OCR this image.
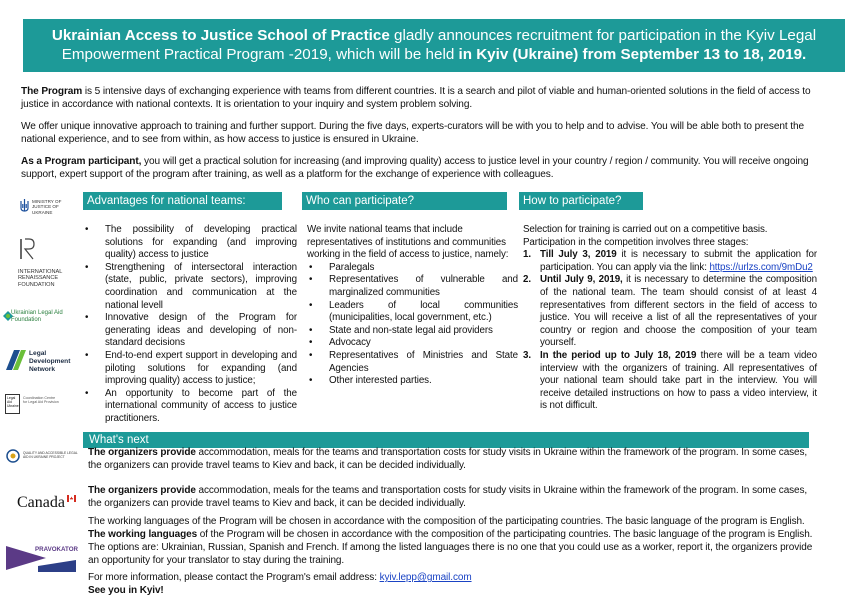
Ukrainian Access to Justice School of Practice gladly announces recruitment for participation in the Kyiv Legal Empowerment Practical Program -2019, which will be held in Kyiv (Ukraine) from September 13 to 18, 2019.

The Program is 5 intensive days of exchanging experience with teams from different countries. It is a search and pilot of viable and human-oriented solutions in the field of access to justice in accordance with national contexts. It is orientation to your inquiry and system problem solving.

We offer unique innovative approach to training and further support. During the five days, experts-curators will be with you to help and to advise. You will be able both to present the national experience, and to see from within, as how access to justice is ensured in Ukraine.

As a Program participant, you will get a practical solution for increasing (and improving quality) access to justice level in your country / region / community. You will receive ongoing support, expert support of the program after training, as well as a platform for the exchange of experience with colleagues.

Advantages for national teams:	Who can participate?	How to participate?
• The possibility of developing practical solutions for expanding (and improving quality) access to justice
• Strengthening of intersectoral interaction (state, public, private sectors), improving coordination and communication at the national levell
• Innovative design of the Program for generating ideas and developing of non-standard decisions
• End-to-end expert support in developing and piloting solutions for expanding (and improving quality) access to justice;
• An opportunity to become part of the international community of access to justice practitioners.
We invite national teams that include representatives of institutions and communities working in the field of access to justice, namely:
• Paralegals
• Representatives of vulnerable and marginalized communities
• Leaders of local communities (municipalities, local government, etc.)
• State and non-state legal aid providers
• Advocacy
• Representatives of Ministries and State Agencies
• Other interested parties.
Selection for training is carried out on a competitive basis. Participation in the competition involves three stages:
1. Till July 3, 2019 it is necessary to submit the application for participation. You can apply via the link: https://urlzs.com/9mDu2
2. Until July 9, 2019, it is necessary to determine the composition of the national team. The team should consist of at least 4 representatives from different sectors in the field of access to justice. You will receive a list of all the representatives of your country or region and choose the composition of your team yourself.
3. In the period up to July 18, 2019 there will be a team video interview with the organizers of training. All representatives of your national team should take part in the interview. You will receive detailed instructions on how to pass a video interview, it is not difficult.
MINISTRY OF JUSTICE OF UKRAINE
INTERNATIONAL RENAISSANCE FOUNDATION
Ukrainian Legal Aid Foundation
Legal Development Network
Legal Aid Ukraine
Coordination Centre for Legal Aid Provision
QUALITY AND ACCESSIBLE LEGAL AID IN UKRAINE PROJECT
Canada
PRAVOKATOR
What's next

The organizers provide accommodation, meals for the teams and transportation costs for study visits in Ukraine within the framework of the program. In some cases, the organizers can provide travel teams to Kiev and back, it can be decided individually.

The organizers provide accommodation, meals for the teams and transportation costs for study visits in Ukraine within the framework of the program. In some cases, the organizers can provide travel teams to Kiev and back, it can be decided individually.

The working languages of the Program will be chosen in accordance with the composition of the participating countries. The basic language of the program is English.

The working languages of the Program will be chosen in accordance with the composition of the participating countries. The basic language of the program is English. The options are: Ukrainian, Russian, Spanish and French. If among the listed languages there is no one that you could use as a worker, report it, the organizers provide an opportunity for your translator to stay during the training.

For more information, please contact the Program's email address: kyiv.lepp@gmail.com

See you in Kyiv!
